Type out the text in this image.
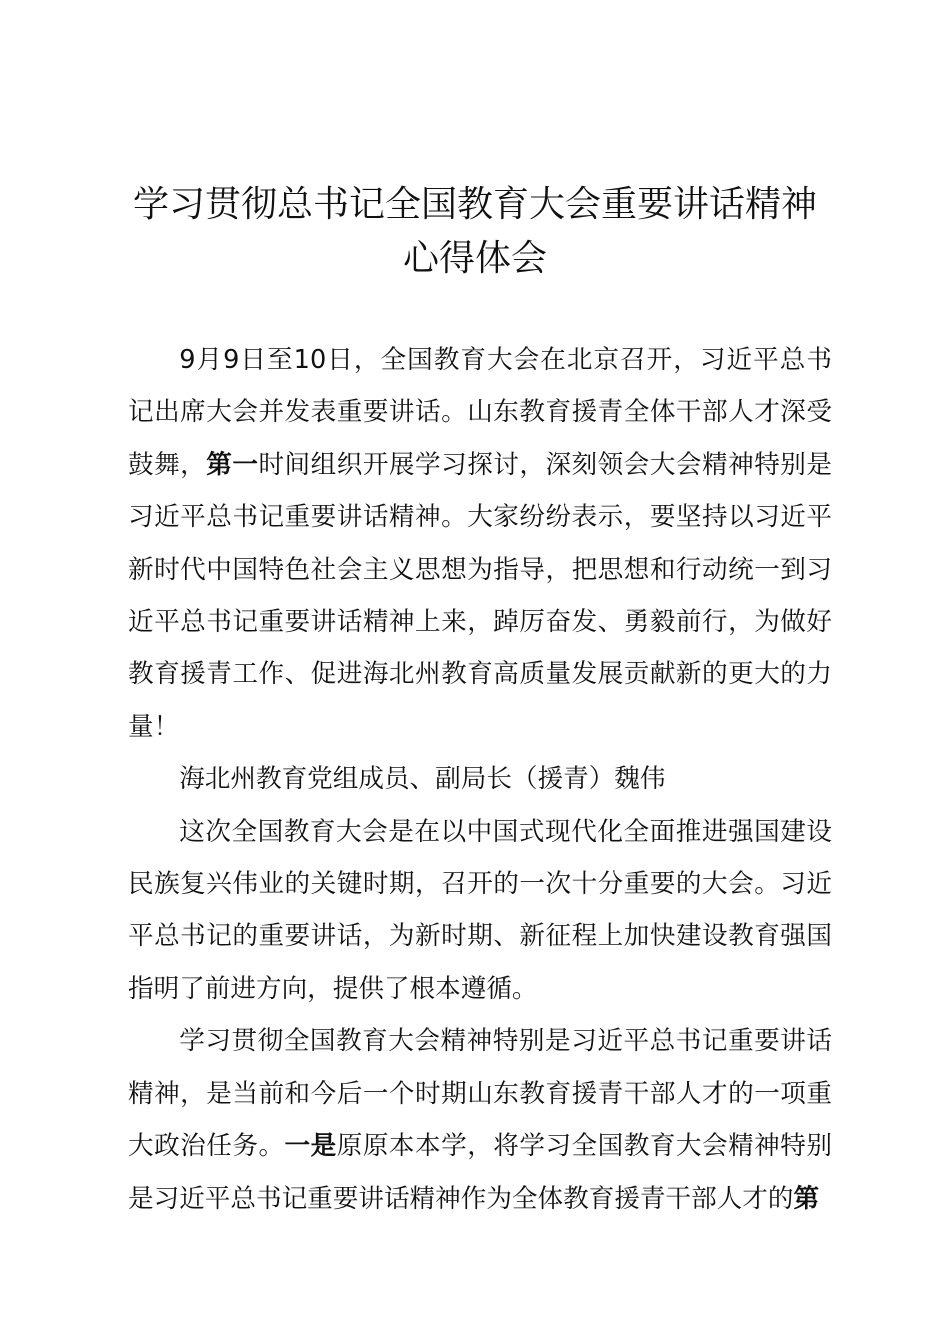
学习贯彻总书记全国教育大会重要讲话精神心得体会

9月9日至10日，全国教育大会在北京召开，习近平总书记出席大会并发表重要讲话。山东教育援青全体干部人才深受鼓舞，第一时间组织开展学习探讨，深刻领会大会精神特别是习近平总书记重要讲话精神。大家纷纷表示，要坚持以习近平新时代中国特色社会主义思想为指导，把思想和行动统一到习近平总书记重要讲话精神上来，踔厉奋发、勇毅前行，为做好教育援青工作、促进海北州教育高质量发展贡献新的更大的力量！

海北州教育党组成员、副局长（援青）魏伟

这次全国教育大会是在以中国式现代化全面推进强国建设民族复兴伟业的关键时期，召开的一次十分重要的大会。习近平总书记的重要讲话，为新时期、新征程上加快建设教育强国指明了前进方向，提供了根本遵循。

学习贯彻全国教育大会精神特别是习近平总书记重要讲话精神，是当前和今后一个时期山东教育援青干部人才的一项重大政治任务。一是原原本本学，将学习全国教育大会精神特别是习近平总书记重要讲话精神作为全体教育援青干部人才的第
